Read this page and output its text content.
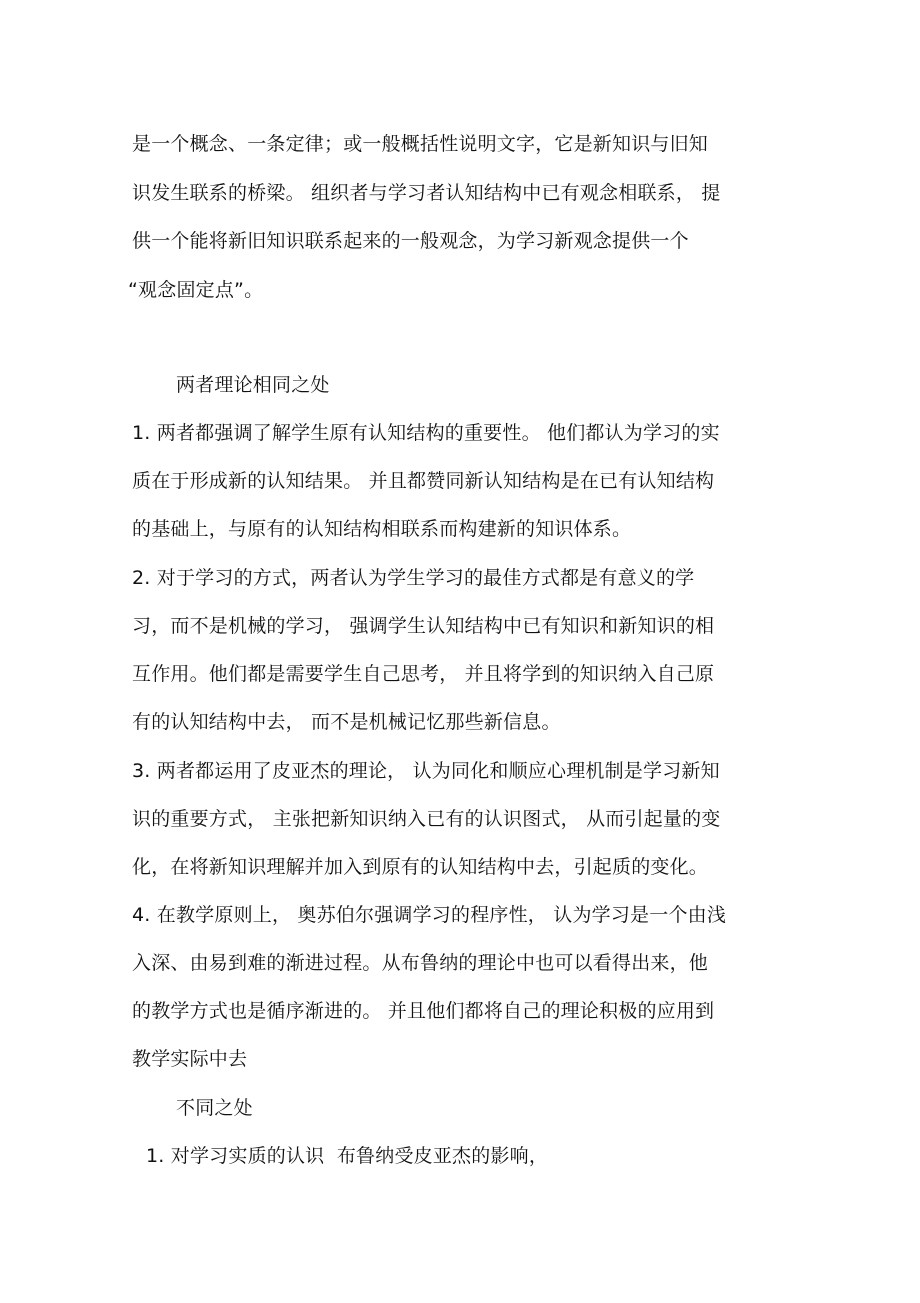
是一个概念、一条定律；或一般概括性说明文字，它是新知识与旧知
识发生联系的桥梁。 组织者与学习者认知结构中已有观念相联系， 提
供一个能将新旧知识联系起来的一般观念，为学习新观念提供一个
“观念固定点”。
两者理论相同之处
1. 两者都强调了解学生原有认知结构的重要性。 他们都认为学习的实
质在于形成新的认知结果。 并且都赞同新认知结构是在已有认知结构
的基础上，与原有的认知结构相联系而构建新的知识体系。
2. 对于学习的方式，两者认为学生学习的最佳方式都是有意义的学
习，而不是机械的学习， 强调学生认知结构中已有知识和新知识的相
互作用。他们都是需要学生自己思考， 并且将学到的知识纳入自己原
有的认知结构中去， 而不是机械记忆那些新信息。
3. 两者都运用了皮亚杰的理论， 认为同化和顺应心理机制是学习新知
识的重要方式， 主张把新知识纳入已有的认识图式， 从而引起量的变
化，在将新知识理解并加入到原有的认知结构中去，引起质的变化。
4. 在教学原则上， 奥苏伯尔强调学习的程序性， 认为学习是一个由浅
入深、由易到难的渐进过程。从布鲁纳的理论中也可以看得出来，他
的教学方式也是循序渐进的。 并且他们都将自己的理论积极的应用到
教学实际中去
不同之处
1. 对学习实质的认识  布鲁纳受皮亚杰的影响，
